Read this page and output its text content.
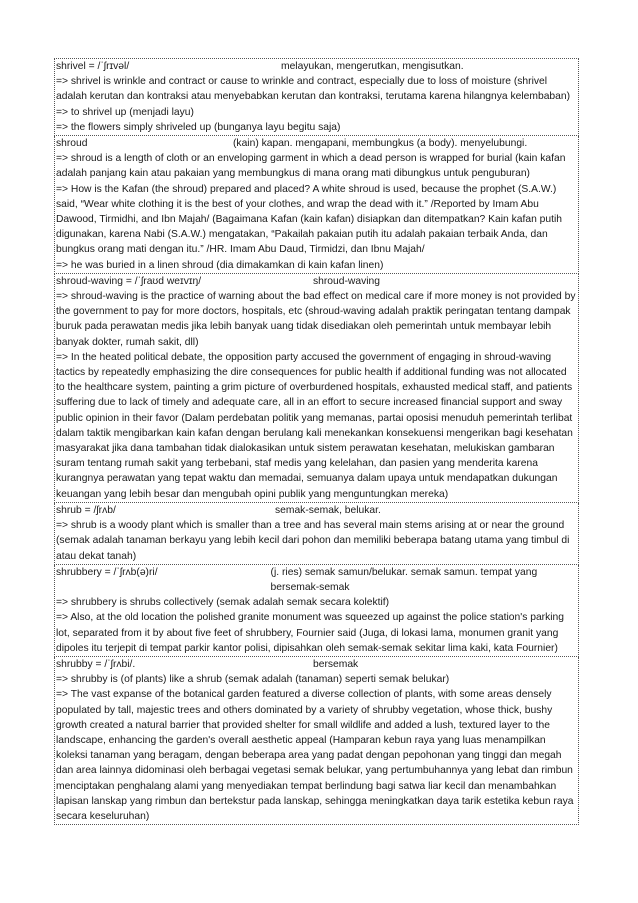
shrivel = /ˈʃrɪvəl/	melayukan, mengerutkan, mengisutkan.
=> shrivel is wrinkle and contract or cause to wrinkle and contract, especially due to loss of moisture (shrivel adalah kerutan dan kontraksi atau menyebabkan kerutan dan kontraksi, terutama karena hilangnya kelembaban)
=> to shrivel up (menjadi layu)
=> the flowers simply shriveled up (bunganya layu begitu saja)
shroud	(kain) kapan. mengapani, membungkus (a body). menyelubungi.
=> shroud is a length of cloth or an enveloping garment in which a dead person is wrapped for burial (kain kafan adalah panjang kain atau pakaian yang membungkus di mana orang mati dibungkus untuk penguburan)
=> How is the Kafan (the shroud) prepared and placed? A white shroud is used, because the prophet (S.A.W.) said, “Wear white clothing it is the best of your clothes, and wrap the dead with it.” /Reported by Imam Abu Dawood, Tirmidhi, and Ibn Majah/ (Bagaimana Kafan (kain kafan) disiapkan dan ditempatkan? Kain kafan putih digunakan, karena Nabi (S.A.W.) mengatakan, “Pakailah pakaian putih itu adalah pakaian terbaik Anda, dan bungkus orang mati dengan itu.” /HR. Imam Abu Daud, Tirmidzi, dan Ibnu Majah/
=> he was buried in a linen shroud (dia dimakamkan di kain kafan linen)
shroud-waving = /ˈʃraʊd weɪvɪŋ/	shroud-waving
=> shroud-waving is the practice of warning about the bad effect on medical care if more money is not provided by the government to pay for more doctors, hospitals, etc (shroud-waving adalah praktik peringatan tentang dampak buruk pada perawatan medis jika lebih banyak uang tidak disediakan oleh pemerintah untuk membayar lebih banyak dokter, rumah sakit, dll)
=> In the heated political debate, the opposition party accused the government of engaging in shroud-waving tactics by repeatedly emphasizing the dire consequences for public health if additional funding was not allocated to the healthcare system, painting a grim picture of overburdened hospitals, exhausted medical staff, and patients suffering due to lack of timely and adequate care, all in an effort to secure increased financial support and sway public opinion in their favor (Dalam perdebatan politik yang memanas, partai oposisi menuduh pemerintah terlibat dalam taktik mengibarkan kain kafan dengan berulang kali menekankan konsekuensi mengerikan bagi kesehatan masyarakat jika dana tambahan tidak dialokasikan untuk sistem perawatan kesehatan, melukiskan gambaran suram tentang rumah sakit yang terbebani, staf medis yang kelelahan, dan pasien yang menderita karena kurangnya perawatan yang tepat waktu dan memadai, semuanya dalam upaya untuk mendapatkan dukungan keuangan yang lebih besar dan mengubah opini publik yang menguntungkan mereka)
shrub = /ʃrʌb/	semak-semak, belukar.
=> shrub is a woody plant which is smaller than a tree and has several main stems arising at or near the ground (semak adalah tanaman berkayu yang lebih kecil dari pohon dan memiliki beberapa batang utama yang timbul di atau dekat tanah)
shrubbery = /ˈʃrʌb(ə)ri/	(j. ries) semak samun/belukar. semak samun. tempat yang bersemak-semak
=> shrubbery is shrubs collectively (semak adalah semak secara kolektif)
=> Also, at the old location the polished granite monument was squeezed up against the police station's parking lot, separated from it by about five feet of shrubbery, Fournier said (Juga, di lokasi lama, monumen granit yang dipoles itu terjepit di tempat parkir kantor polisi, dipisahkan oleh semak-semak sekitar lima kaki, kata Fournier)
shrubby = /ˈʃrʌbi/.	bersemak
=> shrubby is (of plants) like a shrub (semak adalah (tanaman) seperti semak belukar)
=> The vast expanse of the botanical garden featured a diverse collection of plants, with some areas densely populated by tall, majestic trees and others dominated by a variety of shrubby vegetation, whose thick, bushy growth created a natural barrier that provided shelter for small wildlife and added a lush, textured layer to the landscape, enhancing the garden's overall aesthetic appeal (Hamparan kebun raya yang luas menampilkan koleksi tanaman yang beragam, dengan beberapa area yang padat dengan pepohonan yang tinggi dan megah dan area lainnya didominasi oleh berbagai vegetasi semak belukar, yang pertumbuhannya yang lebat dan rimbun menciptakan penghalang alami yang menyediakan tempat berlindung bagi satwa liar kecil dan menambahkan lapisan lanskap yang rimbun dan bertekstur pada lanskap, sehingga meningkatkan daya tarik estetika kebun raya secara keseluruhan)
